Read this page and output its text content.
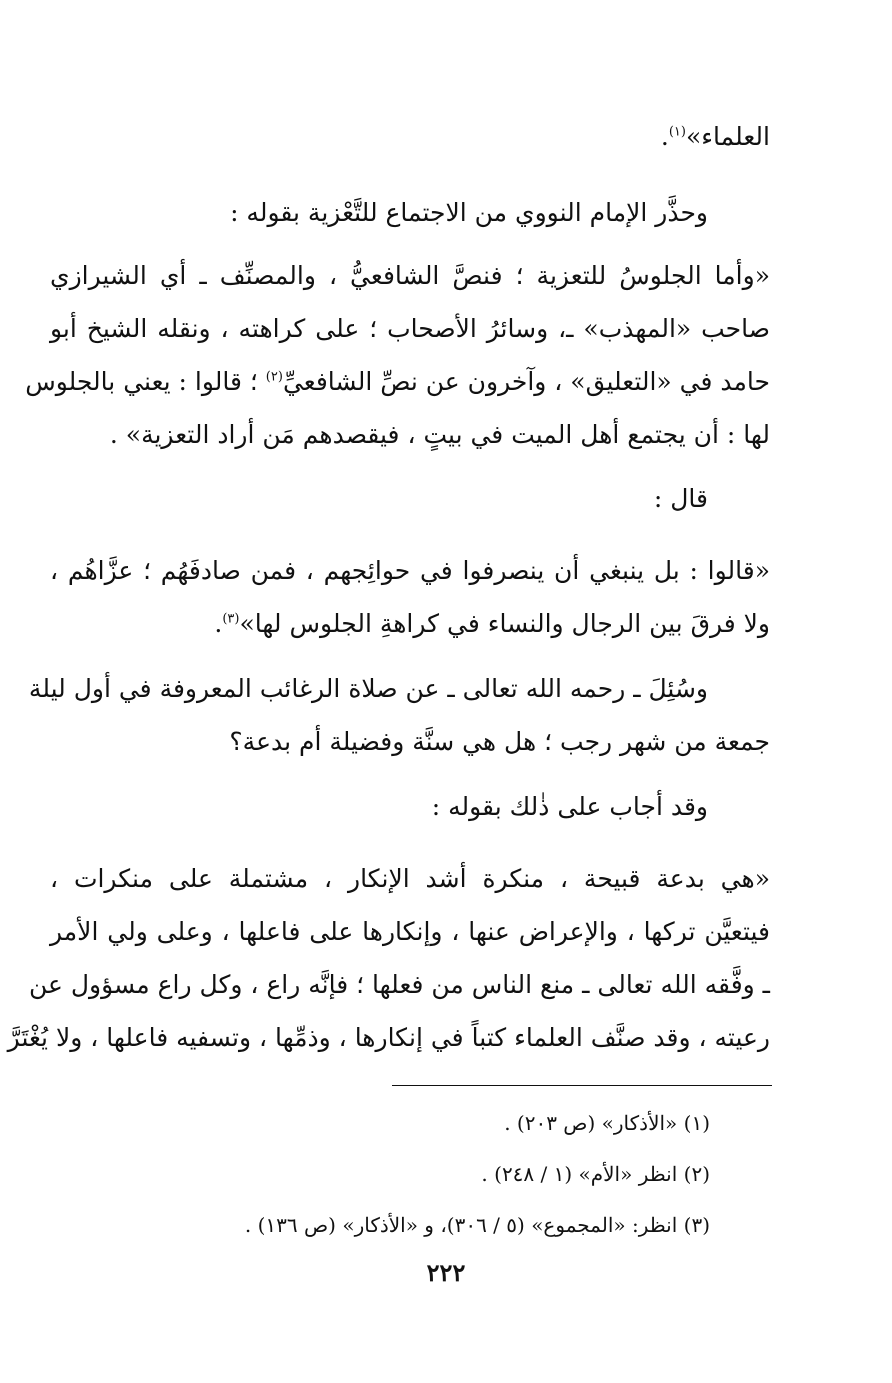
العلماء»$^{(١)}$.
وحذَّر الإمام النووي من الاجتماع للتَّعْزية بقوله :
«وأما الجلوسُ للتعزية ؛ فنصَّ الشافعيُّ ، والمصنِّف ـ أي الشيرازي
صاحب «المهذب» ـ، وسائرُ الأصحاب ؛ على كراهته ، ونقله الشيخ أبو
حامد في «التعليق» ، وآخرون عن نصِّ الشافعيِّ$^{(٢)}$ ؛ قالوا : يعني بالجلوس
لها : أن يجتمع أهل الميت في بيتٍ ، فيقصدهم مَن أراد التعزية» .
قال :
«قالوا : بل ينبغي أن ينصرفوا في حوائِجهم ، فمن صادفَهُم ؛ عزَّاهُم ،
ولا فرقَ بين الرجال والنساء في كراهةِ الجلوس لها»$^{(٣)}$.
وسُئِلَ ـ رحمه الله تعالى ـ عن صلاة الرغائب المعروفة في أول ليلة
جمعة من شهر رجب ؛ هل هي سنَّة وفضيلة أم بدعة؟
وقد أجاب على ذٰلك بقوله :
«هي بدعة قبيحة ، منكرة أشد الإنكار ، مشتملة على منكرات ،
فيتعيَّن تركها ، والإعراض عنها ، وإنكارها على فاعلها ، وعلى ولي الأمر
ـ وفَّقه الله تعالى ـ منع الناس من فعلها ؛ فإنَّه راع ، وكل راع مسؤول عن
رعيته ، وقد صنَّف العلماء كتباً في إنكارها ، وذمِّها ، وتسفيه فاعلها ، ولا يُغْتَرَّ
(١) «الأذكار» (ص ٢٠٣) .
(٢) انظر «الأم» (١ / ٢٤٨) .
(٣) انظر: «المجموع» (٥ / ٣٠٦)، و «الأذكار» (ص ١٣٦) .
٢٢٢
